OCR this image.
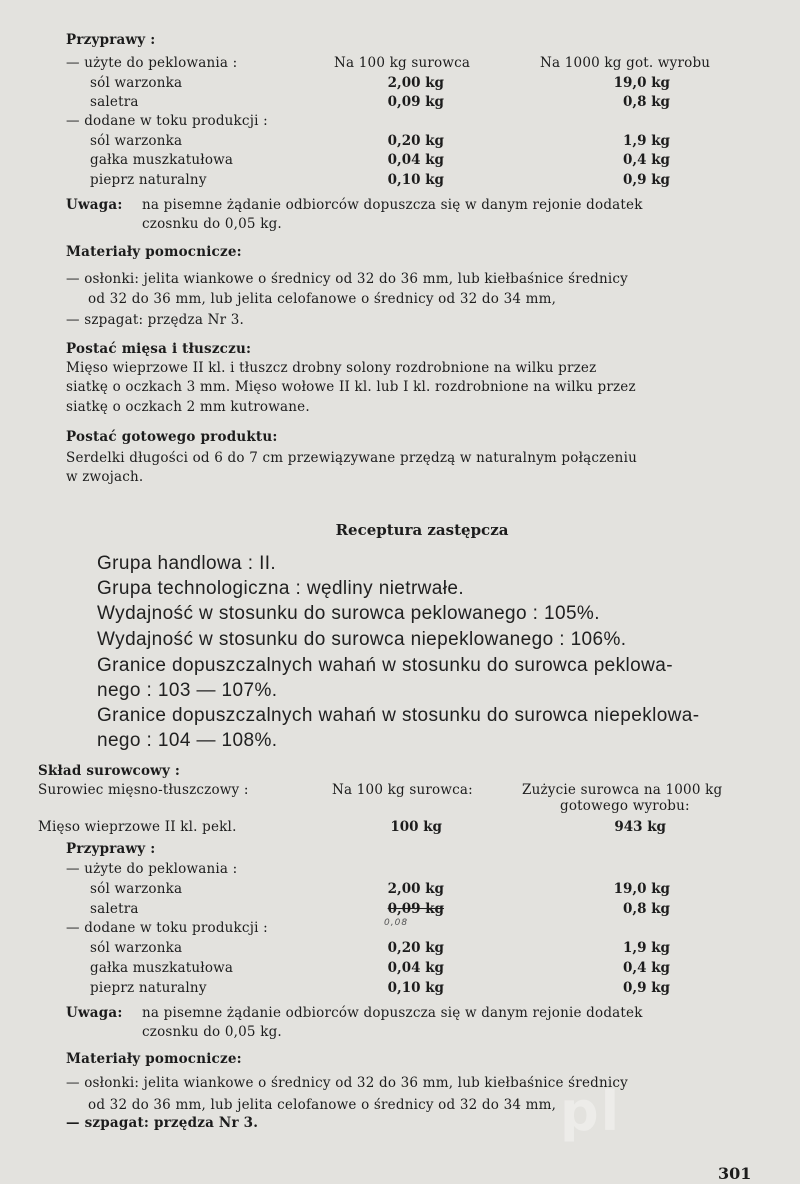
Przyprawy :
— użyte do peklowania :	Na 100 kg surowca	Na 1000 kg got. wyrobu
sól warzonka	2,00 kg	19,0 kg
saletra	0,09 kg	0,8 kg
— dodane w toku produkcji :
sól warzonka	0,20 kg	1,9 kg
gałka muszkatułowa	0,04 kg	0,4 kg
pieprz naturalny	0,10 kg	0,9 kg
Uwaga: na pisemne żądanie odbiorców dopuszcza się w danym rejonie dodatek
czosnku do 0,05 kg.
Materiały pomocnicze:
— osłonki: jelita wiankowe o średnicy od 32 do 36 mm, lub kiełbaśnice średnicy
od 32 do 36 mm, lub jelita celofanowe o średnicy od 32 do 34 mm,
— szpagat: przędza Nr 3.
Postać mięsa i tłuszczu:
Mięso wieprzowe II kl. i tłuszcz drobny solony rozdrobnione na wilku przez
siatkę o oczkach 3 mm. Mięso wołowe II kl. lub I kl. rozdrobnione na wilku przez
siatkę o oczkach 2 mm kutrowane.
Postać gotowego produktu:
Serdelki długości od 6 do 7 cm przewiązywane przędzą w naturalnym połączeniu
w zwojach.
Receptura zastępcza
Grupa handlowa : II.
Grupa technologiczna : wędliny nietrwałe.
Wydajność w stosunku do surowca peklowanego : 105%.
Wydajność w stosunku do surowca niepeklowanego : 106%.
Granice dopuszczalnych wahań w stosunku do surowca peklowa-
nego : 103 — 107%.
Granice dopuszczalnych wahań w stosunku do surowca niepeklowa-
nego : 104 — 108%.
Skład surowcowy :
Surowiec mięsno-tłuszczowy :	Na 100 kg surowca:	Zużycie surowca na 1000 kg
gotowego wyrobu:
Mięso wieprzowe II kl. pekl.	100 kg	943 kg
Przyprawy :
— użyte do peklowania :
sól warzonka	2,00 kg	19,0 kg
saletra	0,09 kg	0,8 kg
0,08
— dodane w toku produkcji :
sól warzonka	0,20 kg	1,9 kg
gałka muszkatułowa	0,04 kg	0,4 kg
pieprz naturalny	0,10 kg	0,9 kg
Uwaga: na pisemne żądanie odbiorców dopuszcza się w danym rejonie dodatek
czosnku do 0,05 kg.
Materiały pomocnicze:
— osłonki: jelita wiankowe o średnicy od 32 do 36 mm, lub kiełbaśnice średnicy
od 32 do 36 mm, lub jelita celofanowe o średnicy od 32 do 34 mm,
— szpagat: przędza Nr 3.	pl
301
